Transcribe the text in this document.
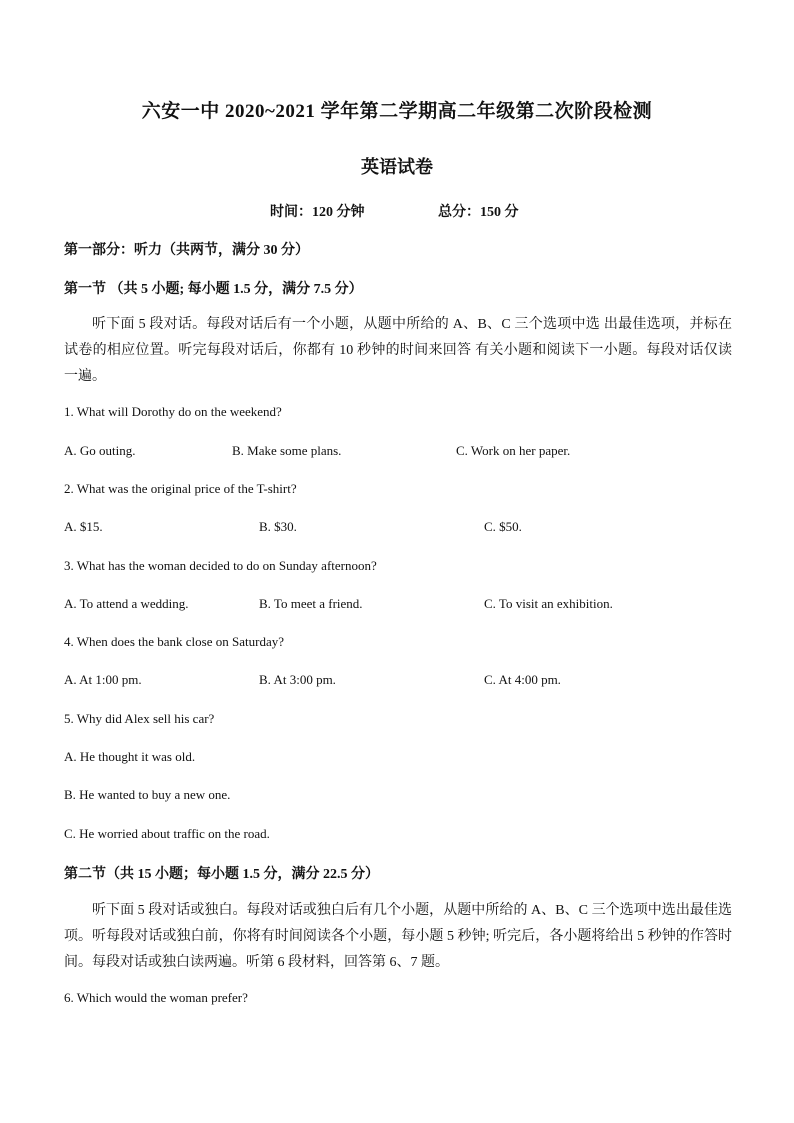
六安一中 2020~2021 学年第二学期高二年级第二次阶段检测
英语试卷
时间：120 分钟	总分：150 分
第一部分：听力（共两节，满分 30 分）
第一节 （共 5 小题; 每小题 1.5 分，满分 7.5 分）
听下面 5 段对话。每段对话后有一个小题，从题中所给的 A、B、C 三个选项中选 出最佳选项，并标在试卷的相应位置。听完每段对话后，你都有 10 秒钟的时间来回答 有关小题和阅读下一小题。每段对话仅读一遍。
1. What will Dorothy do on the weekend?
A. Go outing.	B. Make some plans.	C. Work on her paper.
2. What was the original price of the T-shirt?
A. $15.	B. $30.	C. $50.
3. What has the woman decided to do on Sunday afternoon?
A. To attend a wedding.	B. To meet a friend.	C. To visit an exhibition.
4. When does the bank close on Saturday?
A. At 1:00 pm.	B. At 3:00 pm.	C. At 4:00 pm.
5. Why did Alex sell his car?
A. He thought it was old.
B. He wanted to buy a new one.
C. He worried about traffic on the road.
第二节（共 15 小题；每小题 1.5 分，满分 22.5 分）
听下面 5 段对话或独白。每段对话或独白后有几个小题，从题中所给的 A、B、C 三个选项中选出最佳选项。听每段对话或独白前，你将有时间阅读各个小题，每小题 5 秒钟; 听完后，各小题将给出 5 秒钟的作答时间。每段对话或独白读两遍。听第 6 段材料，回答第 6、7 题。
6. Which would the woman prefer?
